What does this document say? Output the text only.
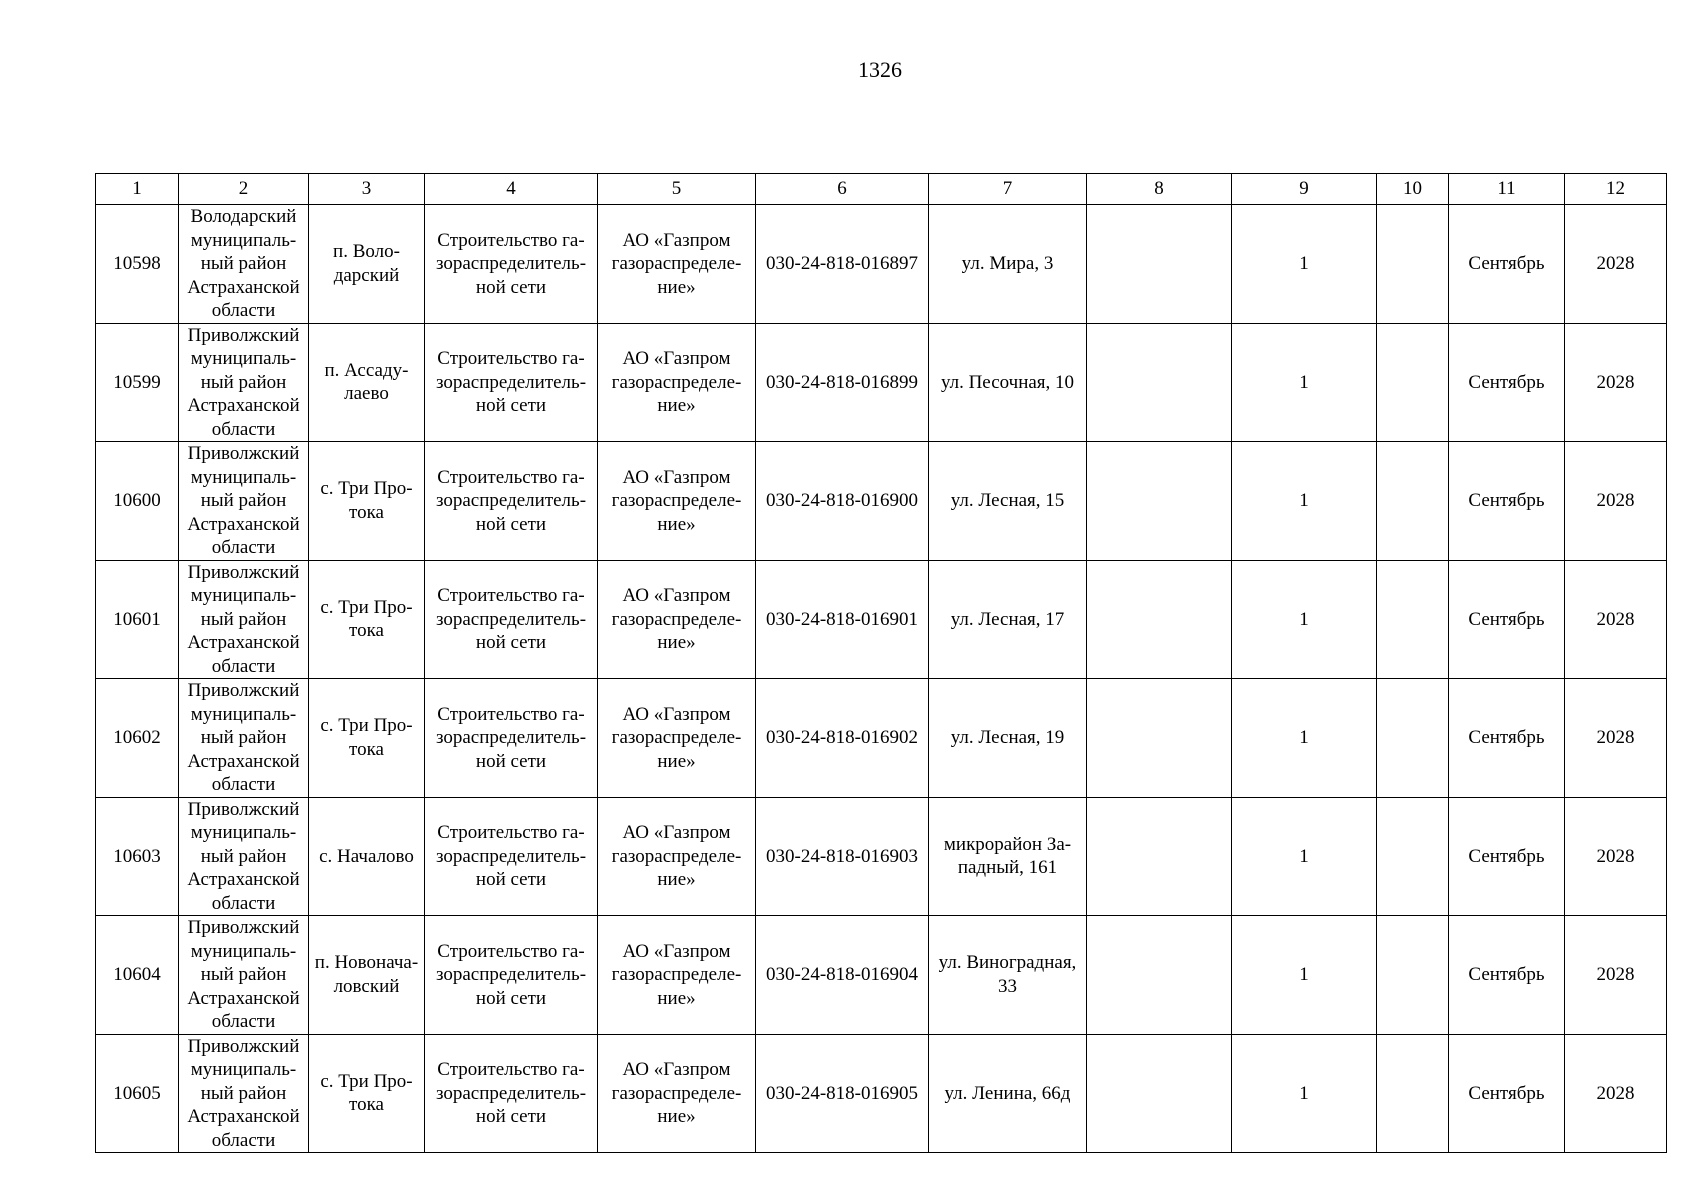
1326
1	2	3	4	5	6	7	8	9	10	11	12
10598	Володарский
муниципаль-
ный район
Астраханской
области	п. Воло-
дарский	Строительство га-
зораспределитель-
ной сети	АО «Газпром
газораспределе-
ние»	030-24-818-016897	ул. Мира, 3		1		Сентябрь	2028
10599	Приволжский
муниципаль-
ный район
Астраханской
области	п. Ассаду-
лаево	Строительство га-
зораспределитель-
ной сети	АО «Газпром
газораспределе-
ние»	030-24-818-016899	ул. Песочная, 10		1		Сентябрь	2028
10600	Приволжский
муниципаль-
ный район
Астраханской
области	с. Три Про-
тока	Строительство га-
зораспределитель-
ной сети	АО «Газпром
газораспределе-
ние»	030-24-818-016900	ул. Лесная, 15		1		Сентябрь	2028
10601	Приволжский
муниципаль-
ный район
Астраханской
области	с. Три Про-
тока	Строительство га-
зораспределитель-
ной сети	АО «Газпром
газораспределе-
ние»	030-24-818-016901	ул. Лесная, 17		1		Сентябрь	2028
10602	Приволжский
муниципаль-
ный район
Астраханской
области	с. Три Про-
тока	Строительство га-
зораспределитель-
ной сети	АО «Газпром
газораспределе-
ние»	030-24-818-016902	ул. Лесная, 19		1		Сентябрь	2028
10603	Приволжский
муниципаль-
ный район
Астраханской
области	с. Началово	Строительство га-
зораспределитель-
ной сети	АО «Газпром
газораспределе-
ние»	030-24-818-016903	микрорайон За-
падный, 161		1		Сентябрь	2028
10604	Приволжский
муниципаль-
ный район
Астраханской
области	п. Новонача-
ловский	Строительство га-
зораспределитель-
ной сети	АО «Газпром
газораспределе-
ние»	030-24-818-016904	ул. Виноградная,
33		1		Сентябрь	2028
10605	Приволжский
муниципаль-
ный район
Астраханской
области	с. Три Про-
тока	Строительство га-
зораспределитель-
ной сети	АО «Газпром
газораспределе-
ние»	030-24-818-016905	ул. Ленина, 66д		1		Сентябрь	2028
